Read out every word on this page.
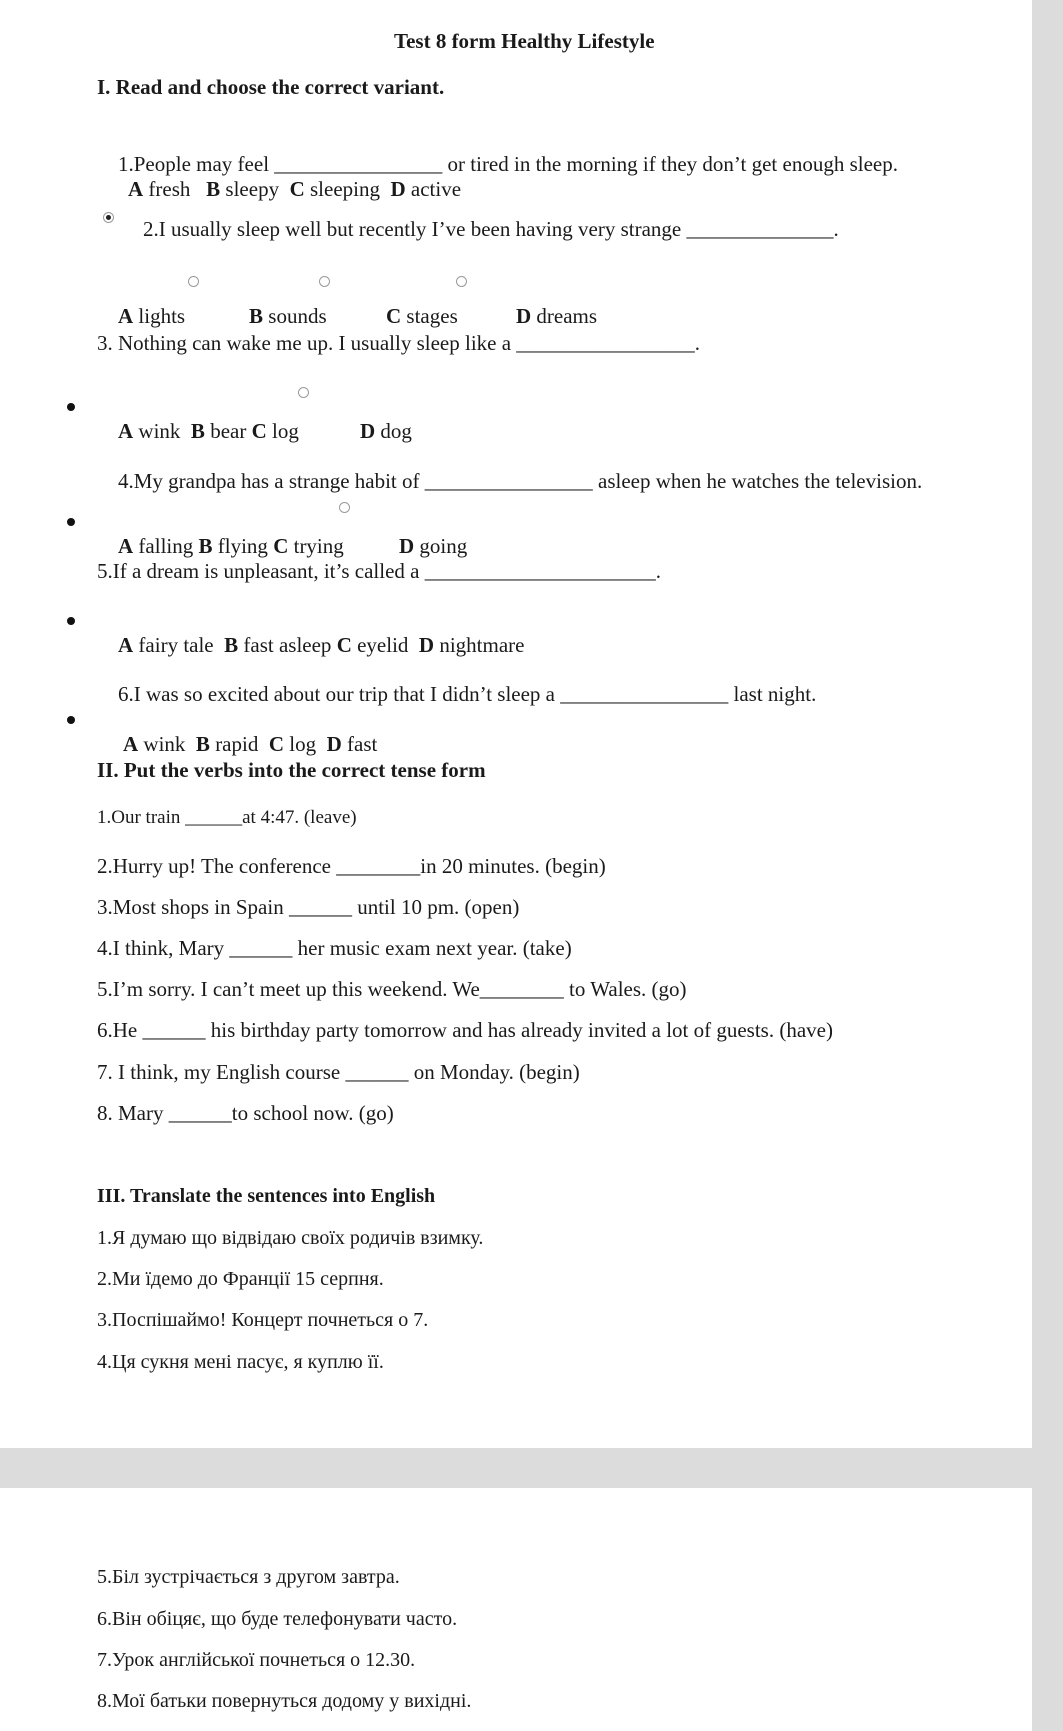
Test 8 form Healthy Lifestyle
I. Read and choose the correct variant.

1.People may feel ________________ or tired in the morning if they don’t get enough sleep.

A fresh B sleepy C sleeping D active

2.I usually sleep well but recently I’ve been having very strange ______________.

A lights
	B sounds
	C stages
	D dreams

3. Nothing can wake me up. I usually sleep like a _________________.

A wink B bear C log
	D dog

4.My grandpa has a strange habit of ________________ asleep when he watches the television.

A falling B flying C trying
	D going

5.If a dream is unpleasant, it’s called a ______________________.

A fairy tale B fast asleep C eyelid D nightmare

6.I was so excited about our trip that I didn’t sleep a ________________ last night.

A wink B rapid C log D fast

II. Put the verbs into the correct tense form
1.Our train ______at 4:47. (leave)
2.Hurry up! The conference ________in 20 minutes. (begin)
3.Most shops in Spain ______ until 10 pm. (open)
4.I think, Mary ______ her music exam next year. (take)
5.I’m sorry. I can’t meet up this weekend. We________ to Wales. (go)
6.He ______ his birthday party tomorrow and has already invited a lot of guests. (have)
7. I think, my English course ______ on Monday. (begin)
8. Mary ______to school now. (go)
III. Translate the sentences into English
1.Я думаю що відвідаю своїх родичів взимку.
2.Ми їдемо до Франції 15 серпня.
3.Поспішаймо! Концерт почнеться о 7.
4.Ця сукня мені пасує, я куплю її.
5.Біл зустрічається з другом завтра.
6.Він обіцяє, що буде телефонувати часто.
7.Урок англійської почнеться о 12.30.
8.Мої батьки повернуться додому у вихідні.
